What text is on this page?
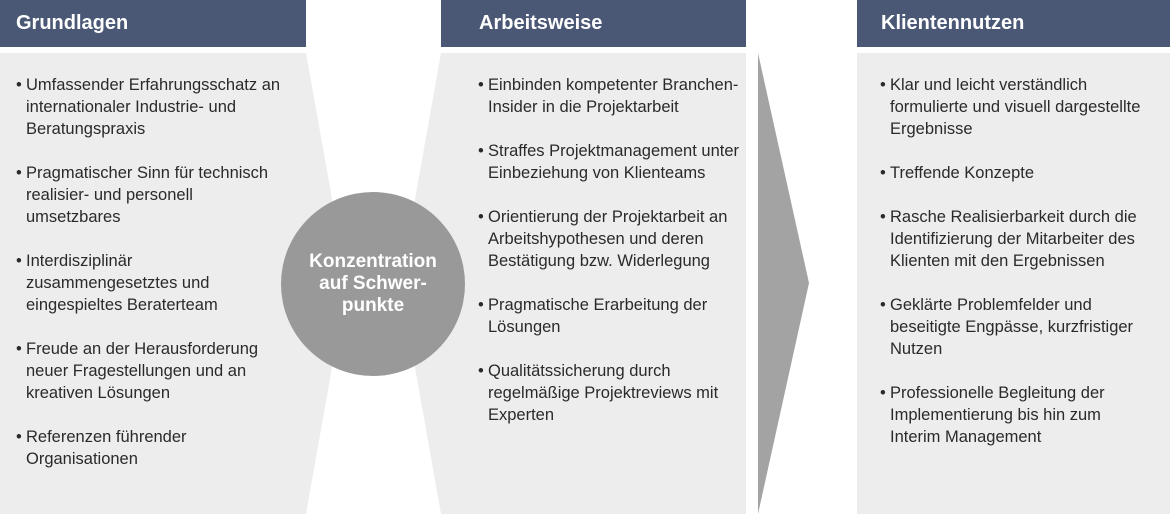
Grundlagen	Arbeitsweise	Klientennutzen
• Umfassender Erfahrungsschatz an internationaler Industrie- und Beratungspraxis
• Pragmatischer Sinn für technisch realisier- und personell umsetzbares
• Interdisziplinär zusammengesetztes und eingespieltes Beraterteam
• Freude an der Herausforderung neuer Fragestellungen und an kreativen Lösungen
• Referenzen führender Organisationen
• Einbinden kompetenter Branchen-Insider in die Projektarbeit
• Straffes Projektmanagement unter Einbeziehung von Klienteams
• Orientierung der Projektarbeit an Arbeitshypothesen und deren Bestätigung bzw. Widerlegung
• Pragmatische Erarbeitung der Lösungen
• Qualitätssicherung durch regelmäßige Projektreviews mit Experten
• Klar und leicht verständlich formulierte und visuell dargestellte Ergebnisse
• Treffende Konzepte
• Rasche Realisierbarkeit durch die Identifizierung der Mitarbeiter des Klienten mit den Ergebnissen
• Geklärte Problemfelder und beseitigte Engpässe, kurzfristiger Nutzen
• Professionelle Begleitung der Implementierung bis hin zum Interim Management
Konzentration
auf Schwer-
punkte
